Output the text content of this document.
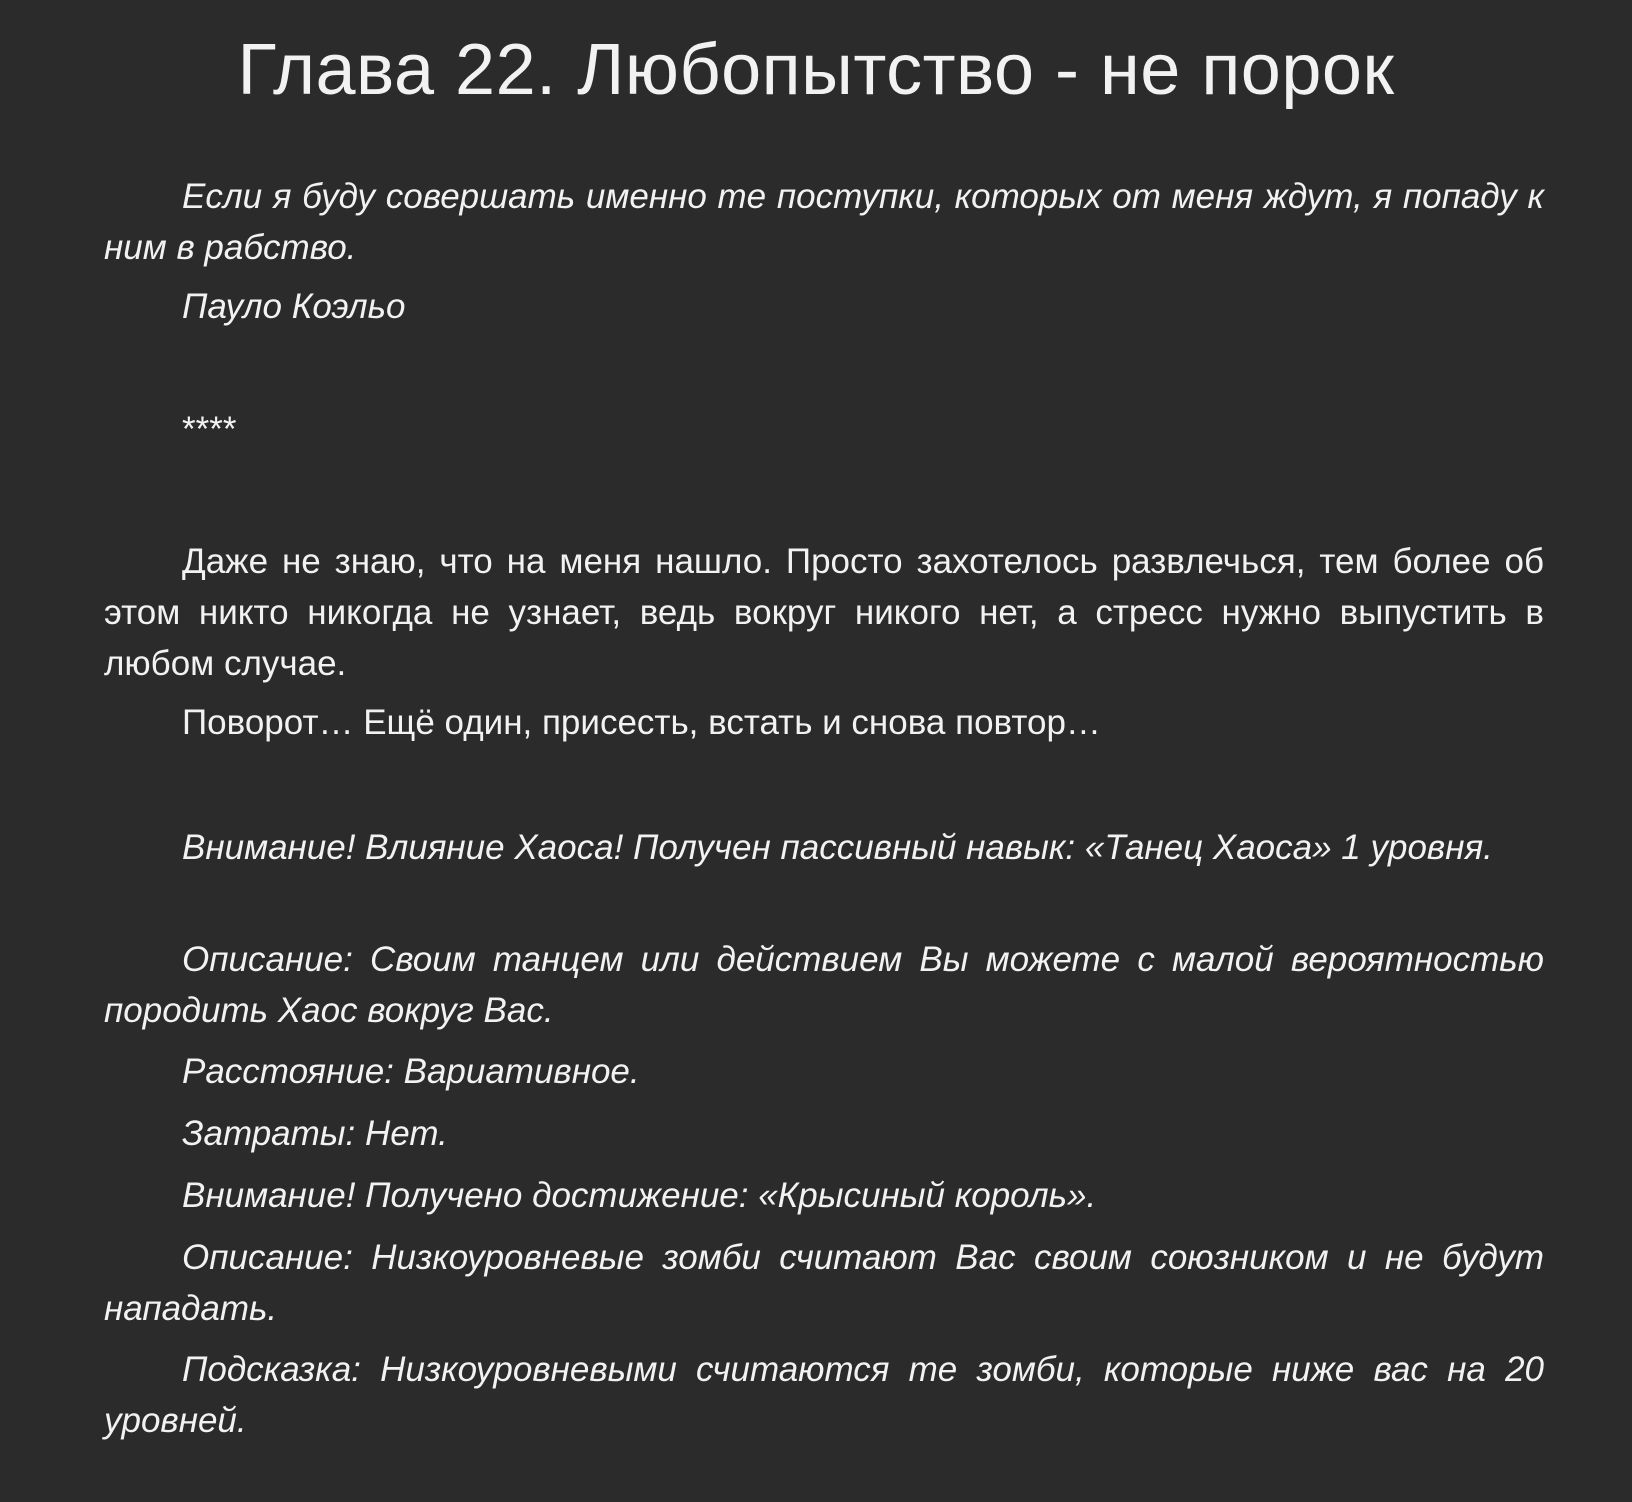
Глава 22. Любопытство - не порок

Если я буду совершать именно те поступки, которых от меня ждут, я попаду к ним в рабство.

Пауло Коэльо

****

Даже не знаю, что на меня нашло. Просто захотелось развлечься, тем более об этом никто никогда не узнает, ведь вокруг никого нет, а стресс нужно выпустить в любом случае.

Поворот… Ещё один, присесть, встать и снова повтор…

Внимание! Влияние Хаоса! Получен пассивный навык: «Танец Хаоса» 1 уровня.

Описание: Своим танцем или действием Вы можете с малой вероятностью породить Хаос вокруг Вас.

Расстояние: Вариативное.

Затраты: Нет.

Внимание! Получено достижение: «Крысиный король».

Описание: Низкоуровневые зомби считают Вас своим союзником и не будут нападать.

Подсказка: Низкоуровневыми считаются те зомби, которые ниже вас на 20 уровней.
